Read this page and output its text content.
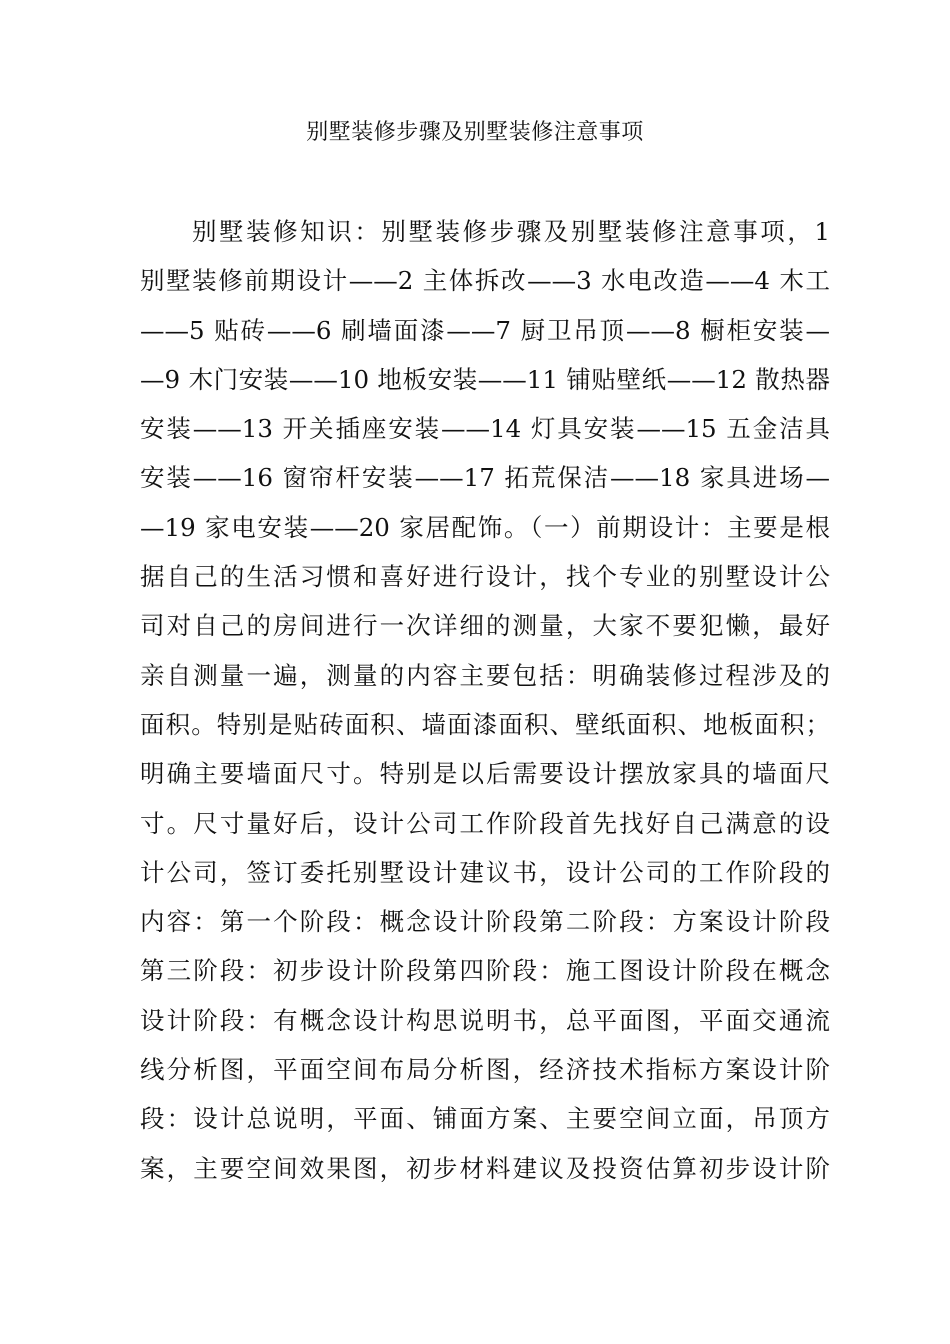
别墅装修步骤及别墅装修注意事项
别墅装修知识：别墅装修步骤及别墅装修注意事项，1
别墅装修前期设计——2 主体拆改——3 水电改造——4 木工
——5 贴砖——6 刷墙面漆——7 厨卫吊顶——8 橱柜安装—
—9 木门安装——10 地板安装——11 铺贴壁纸——12 散热器
安装——13 开关插座安装——14 灯具安装——15 五金洁具
安装——16 窗帘杆安装——17 拓荒保洁——18 家具进场—
—19 家电安装——20 家居配饰。（一）前期设计：主要是根
据自己的生活习惯和喜好进行设计，找个专业的别墅设计公
司对自己的房间进行一次详细的测量，大家不要犯懒，最好
亲自测量一遍，测量的内容主要包括：明确装修过程涉及的
面积。特别是贴砖面积、墙面漆面积、壁纸面积、地板面积；
明确主要墙面尺寸。特别是以后需要设计摆放家具的墙面尺
寸。尺寸量好后，设计公司工作阶段首先找好自己满意的设
计公司，签订委托别墅设计建议书，设计公司的工作阶段的
内容：第一个阶段：概念设计阶段第二阶段：方案设计阶段
第三阶段：初步设计阶段第四阶段：施工图设计阶段在概念
设计阶段：有概念设计构思说明书，总平面图，平面交通流
线分析图，平面空间布局分析图，经济技术指标方案设计阶
段：设计总说明，平面、铺面方案、主要空间立面，吊顶方
案，主要空间效果图，初步材料建议及投资估算初步设计阶
